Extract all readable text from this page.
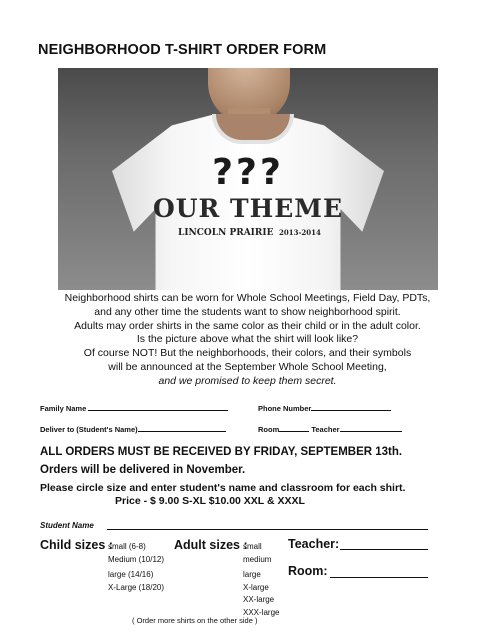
NEIGHBORHOOD T-SHIRT ORDER FORM
???
OUR THEME
LINCOLN PRAIRIE 2013-2014
Neighborhood shirts can be worn for Whole School Meetings, Field Day, PDTs,
and any other time the students want to show neighborhood spirit.
Adults may order shirts in the same color as their child or in the adult color.
Is the picture above what the shirt will look like?
Of course NOT! But the neighborhoods, their colors, and their symbols
will be announced at the September Whole School Meeting,
and we promised to keep them secret.
Family Name	Phone Number
Deliver to (Student's Name)	Room	Teacher
ALL ORDERS MUST BE RECEIVED BY FRIDAY, SEPTEMBER 13th.
Orders will be delivered in November.
Please circle size and enter student's name and classroom for each shirt.
Price - $ 9.00 S-XL $10.00 XXL & XXXL
Student Name
Child sizes :
small (6-8)
Medium (10/12)
large (14/16)
X-Large (18/20)
Adult sizes :
small
medium
large
X-large
XX-large
XXX-large
Teacher:
Room:
( Order more shirts on the other side )
